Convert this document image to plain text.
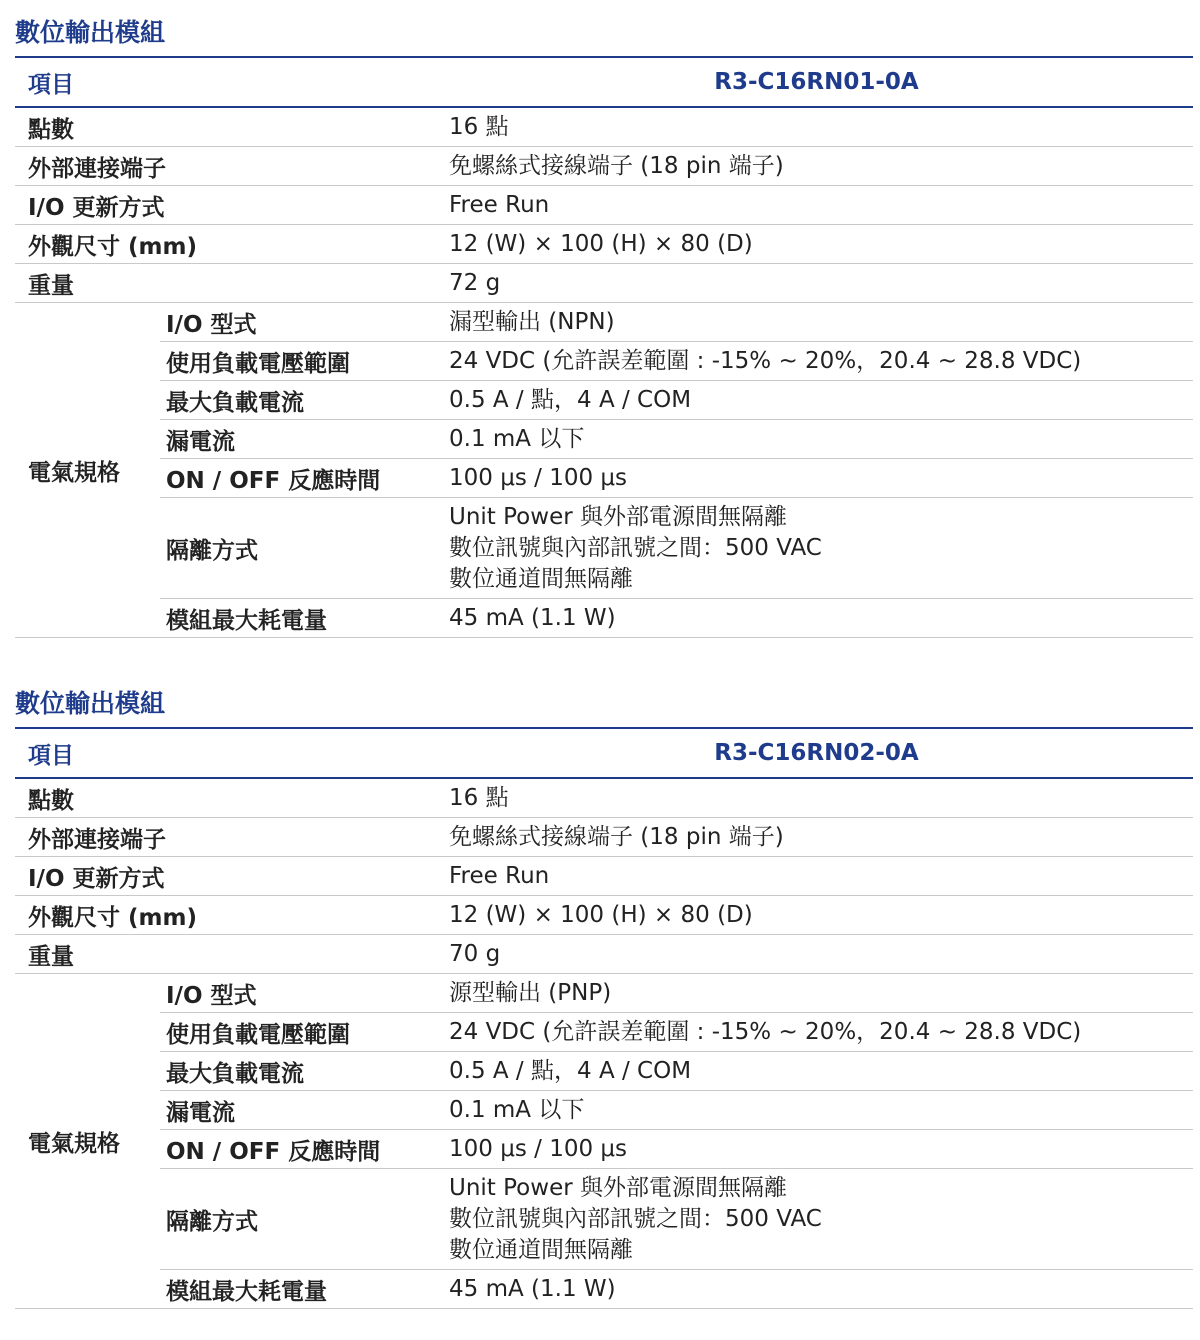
數位輸出模組
項目		R3-C16RN01-0A
點數		16 點
外部連接端子		免螺絲式接線端子 (18 pin 端子)
I/O 更新方式		Free Run
外觀尺寸 (mm)		12 (W) × 100 (H) × 80 (D)
重量		72 g
電氣規格	I/O 型式	漏型輸出 (NPN)
	使用負載電壓範圍	24 VDC (允許誤差範圍 : -15% ~ 20%，20.4 ~ 28.8 VDC)
	最大負載電流	0.5 A / 點，4 A / COM
	漏電流	0.1 mA 以下
	ON / OFF 反應時間	100 μs / 100 μs
	隔離方式	Unit Power 與外部電源間無隔離
數位訊號與內部訊號之間：500 VAC
數位通道間無隔離

	模組最大耗電量	45 mA (1.1 W)
數位輸出模組
項目		R3-C16RN02-0A
點數		16 點
外部連接端子		免螺絲式接線端子 (18 pin 端子)
I/O 更新方式		Free Run
外觀尺寸 (mm)		12 (W) × 100 (H) × 80 (D)
重量		70 g
電氣規格	I/O 型式	源型輸出 (PNP)
	使用負載電壓範圍	24 VDC (允許誤差範圍 : -15% ~ 20%，20.4 ~ 28.8 VDC)
	最大負載電流	0.5 A / 點，4 A / COM
	漏電流	0.1 mA 以下
	ON / OFF 反應時間	100 μs / 100 μs
	隔離方式	Unit Power 與外部電源間無隔離
數位訊號與內部訊號之間：500 VAC
數位通道間無隔離

	模組最大耗電量	45 mA (1.1 W)
